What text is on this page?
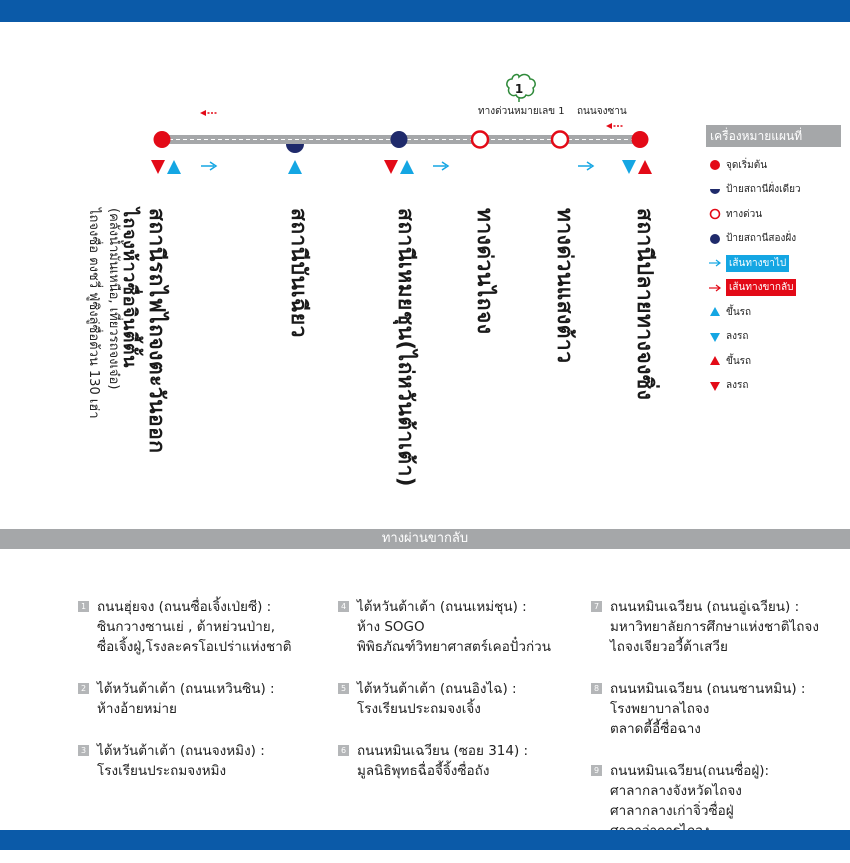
1
ทางด่วนหมายเลข 1 ถนนจงซาน
สถานีรถไฟไถจงตะวันออก
ไถจงห้าวซื่อจินตี้ตั้น
(คลังน้ำมันเหนือ, เที่ยวรถจงเจ๋อ)
ไถจงซื่อ ตงชวี่ ฟู่ซิงลู่ซื่อต้วน 130 เฮ่า	สถานีบันเฉียว	สถานีเหมยชุน(ไถ่หวันต้าเต้า)	ทางด่วนไถจง	ทางด่วนแสงต้าว	สถานีปลายทางจงซิ่ง
เครื่องหมายแผนที่
จุดเริ่มต้น
ป้ายสถานีฝั่งเดียว
ทางด่วน
ป้ายสถานีสองฝั่ง
เส้นทางขาไป
เส้นทางขากลับ
ขึ้นรถ
ลงรถ
ขึ้นรถ
ลงรถ
ทางผ่านขากลับ
1 ถนนฮุ่ยจง (ถนนซื่อเจิ้งเป่ยซี) :
ซินกวางซานเย่ , ต้าหย่วนป่าย,
ซื่อเจิ้งฝู่,โรงละครโอเปร่าแห่งชาติ
2 ไต้หวันต้าเต้า (ถนนเหวินซิน) :
ห้างอ้ายหม่าย
3 ไต้หวันต้าเต้า (ถนนจงหมิง) :
โรงเรียนประถมจงหมิง
4 ไต้หวันต้าเต้า (ถนนเหม่ชุน) :
ห้าง SOGO
พิพิธภัณฑ์วิทยาศาสตร์เคอปั๋วก่วน
5 ไต้หวันต้าเต้า (ถนนอิงไฉ) :
โรงเรียนประถมจงเจิ้ง
6 ถนนหมินเฉวียน (ซอย 314) :
มูลนิธิพุทธฉื่อจี้จิ้งซื่อถัง
7 ถนนหมินเฉวียน (ถนนอู่เฉวียน) :
มหาวิทยาลัยการศึกษาแห่งชาติไถจง
ไถจงเจียวอวี้ต้าเสวีย
8 ถนนหมินเฉวียน (ถนนซานหมิน) :
โรงพยาบาลไถจง
ตลาดตี้อี้ซื่อฉาง
9 ถนนหมินเฉวียน(ถนนซื่อฝู่):
ศาลากลางจังหวัดไถจง
ศาลากลางเก่าจิ่วซื่อฝู่
